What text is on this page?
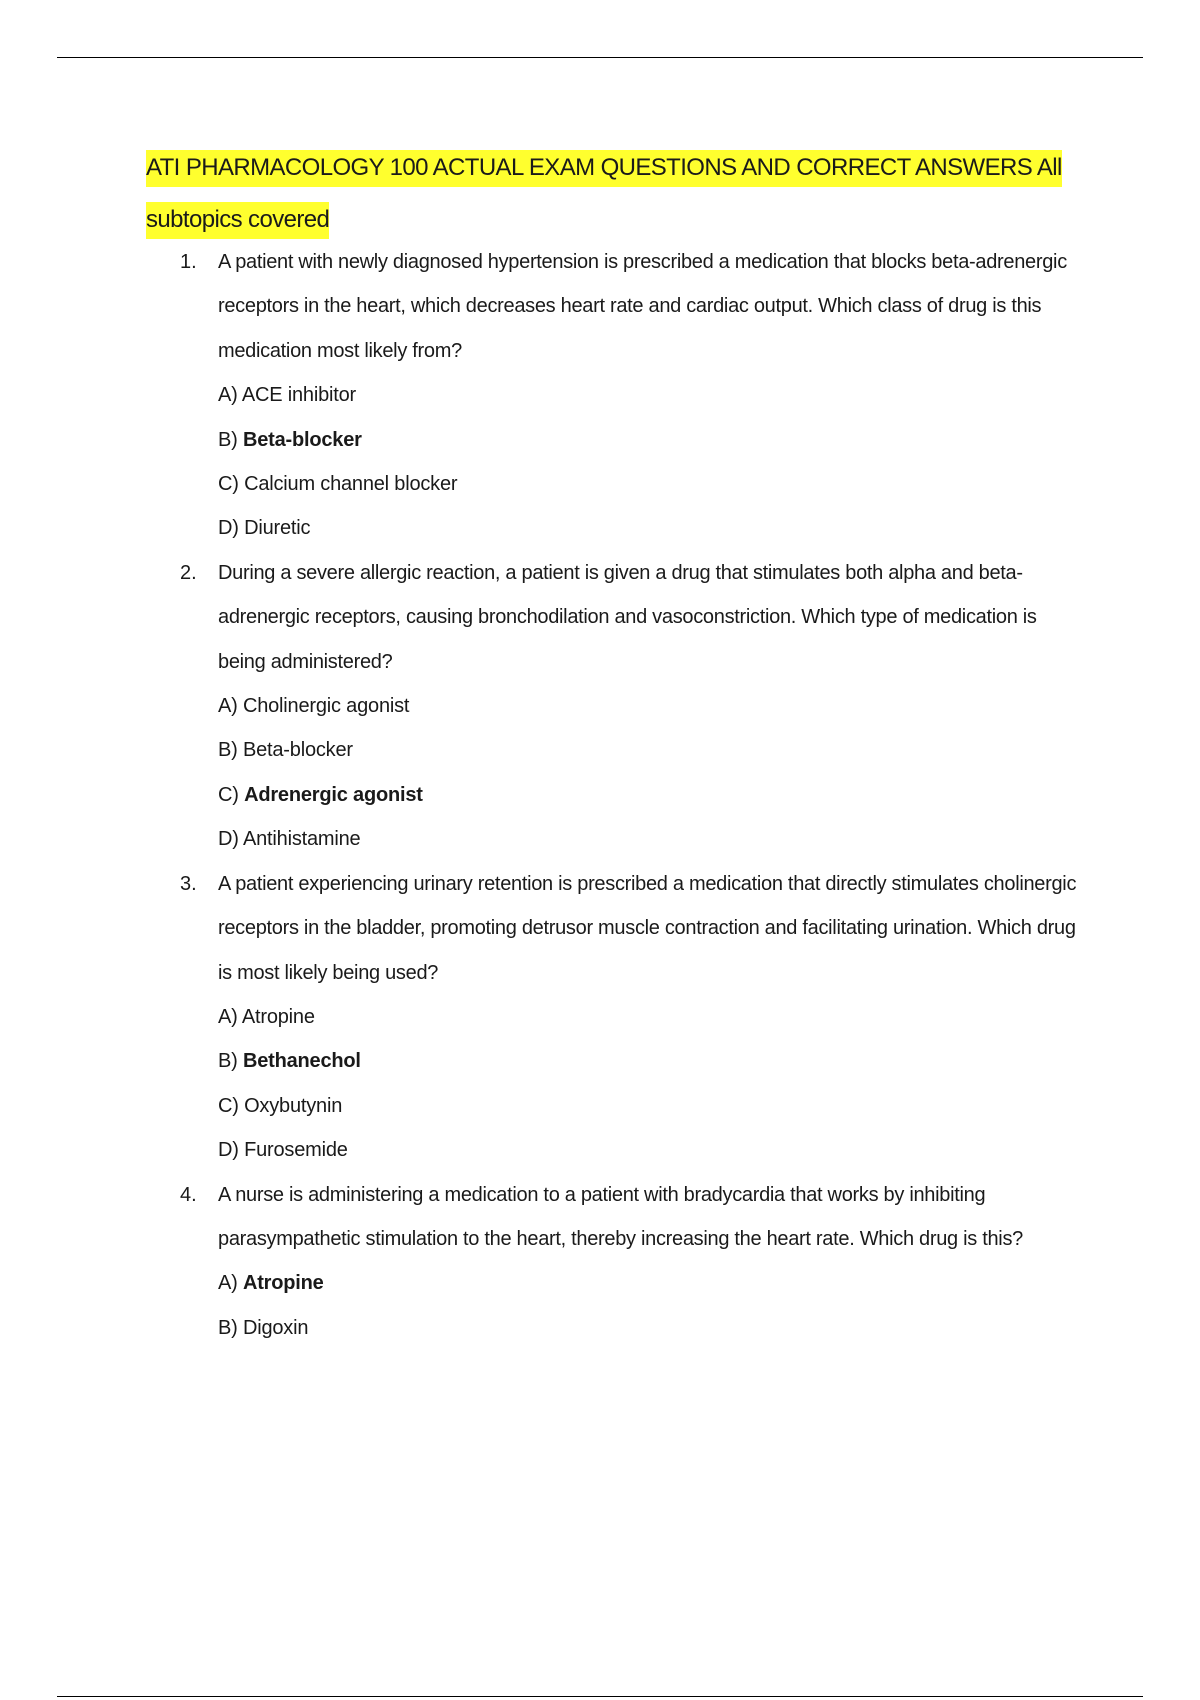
ATI PHARMACOLOGY 100 ACTUAL EXAM QUESTIONS AND CORRECT ANSWERS All subtopics covered
1.	A patient with newly diagnosed hypertension is prescribed a medication that blocks beta-adrenergic receptors in the heart, which decreases heart rate and cardiac output. Which class of drug is this medication most likely from?
A) ACE inhibitor
B) Beta-blocker
C) Calcium channel blocker
D) Diuretic
2.	During a severe allergic reaction, a patient is given a drug that stimulates both alpha and beta-adrenergic receptors, causing bronchodilation and vasoconstriction. Which type of medication is being administered?
A) Cholinergic agonist
B) Beta-blocker
C) Adrenergic agonist
D) Antihistamine
3.	A patient experiencing urinary retention is prescribed a medication that directly stimulates cholinergic receptors in the bladder, promoting detrusor muscle contraction and facilitating urination. Which drug is most likely being used?
A) Atropine
B) Bethanechol
C) Oxybutynin
D) Furosemide
4.	A nurse is administering a medication to a patient with bradycardia that works by inhibiting parasympathetic stimulation to the heart, thereby increasing the heart rate. Which drug is this?
A) Atropine
B) Digoxin
